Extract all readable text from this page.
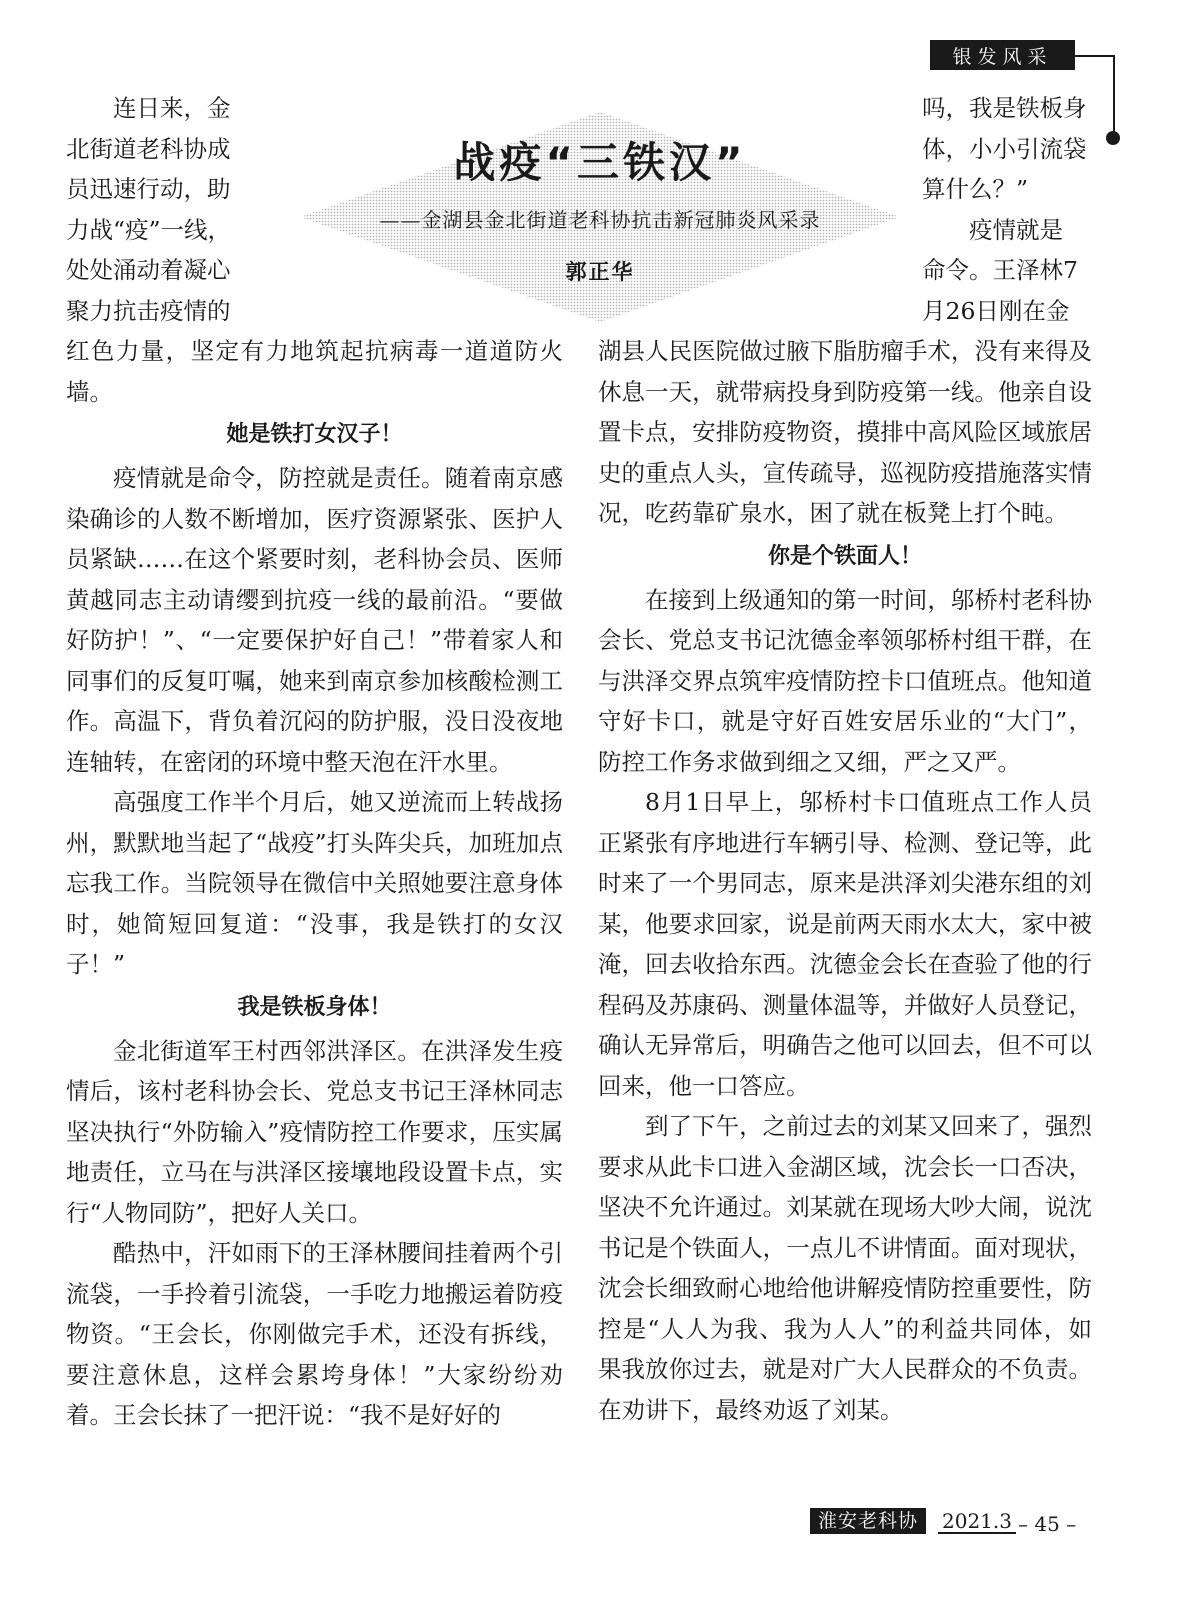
银发风采
战疫“三铁汉”
——金湖县金北街道老科协抗击新冠肺炎风采录
郭正华

连日来，金

北街道老科协成

员迅速行动，助

力战“疫”一线，

处处涌动着凝心

聚力抗击疫情的

红色力量，坚定有力地筑起抗病毒一道道防火墙。

她是铁打女汉子！

疫情就是命令，防控就是责任。随着南京感染确诊的人数不断增加，医疗资源紧张、医护人员紧缺……在这个紧要时刻，老科协会员、医师黄越同志主动请缨到抗疫一线的最前沿。“要做好防护！”、“一定要保护好自己！”带着家人和同事们的反复叮嘱，她来到南京参加核酸检测工作。高温下，背负着沉闷的防护服，没日没夜地连轴转，在密闭的环境中整天泡在汗水里。

高强度工作半个月后，她又逆流而上转战扬州，默默地当起了“战疫”打头阵尖兵，加班加点忘我工作。当院领导在微信中关照她要注意身体时，她简短回复道：“没事，我是铁打的女汉子！”

我是铁板身体！

金北街道军王村西邻洪泽区。在洪泽发生疫情后，该村老科协会长、党总支书记王泽林同志坚决执行“外防输入”疫情防控工作要求，压实属地责任，立马在与洪泽区接壤地段设置卡点，实行“人物同防”，把好人关口。

酷热中，汗如雨下的王泽林腰间挂着两个引流袋，一手拎着引流袋，一手吃力地搬运着防疫物资。“王会长，你刚做完手术，还没有拆线，要注意休息，这样会累垮身体！”大家纷纷劝着。王会长抹了一把汗说：“我不是好好的

吗，我是铁板身

体，小小引流袋

算什么？”

疫情就是

命令。王泽林7

月26日刚在金

湖县人民医院做过腋下脂肪瘤手术，没有来得及休息一天，就带病投身到防疫第一线。他亲自设置卡点，安排防疫物资，摸排中高风险区域旅居史的重点人头，宣传疏导，巡视防疫措施落实情况，吃药靠矿泉水，困了就在板凳上打个盹。

你是个铁面人！

在接到上级通知的第一时间，邬桥村老科协会长、党总支书记沈德金率领邬桥村组干群，在与洪泽交界点筑牢疫情防控卡口值班点。他知道守好卡口，就是守好百姓安居乐业的“大门”，防控工作务求做到细之又细，严之又严。

8月1日早上，邬桥村卡口值班点工作人员正紧张有序地进行车辆引导、检测、登记等，此时来了一个男同志，原来是洪泽刘尖港东组的刘某，他要求回家，说是前两天雨水太大，家中被淹，回去收拾东西。沈德金会长在查验了他的行程码及苏康码、测量体温等，并做好人员登记，确认无异常后，明确告之他可以回去，但不可以回来，他一口答应。

到了下午，之前过去的刘某又回来了，强烈要求从此卡口进入金湖区域，沈会长一口否决，坚决不允许通过。刘某就在现场大吵大闹，说沈书记是个铁面人，一点儿不讲情面。面对现状，沈会长细致耐心地给他讲解疫情防控重要性，防控是“人人为我、我为人人”的利益共同体，如果我放你过去，就是对广大人民群众的不负责。在劝讲下，最终劝返了刘某。

淮安老科协	2021.3 – 45 –
